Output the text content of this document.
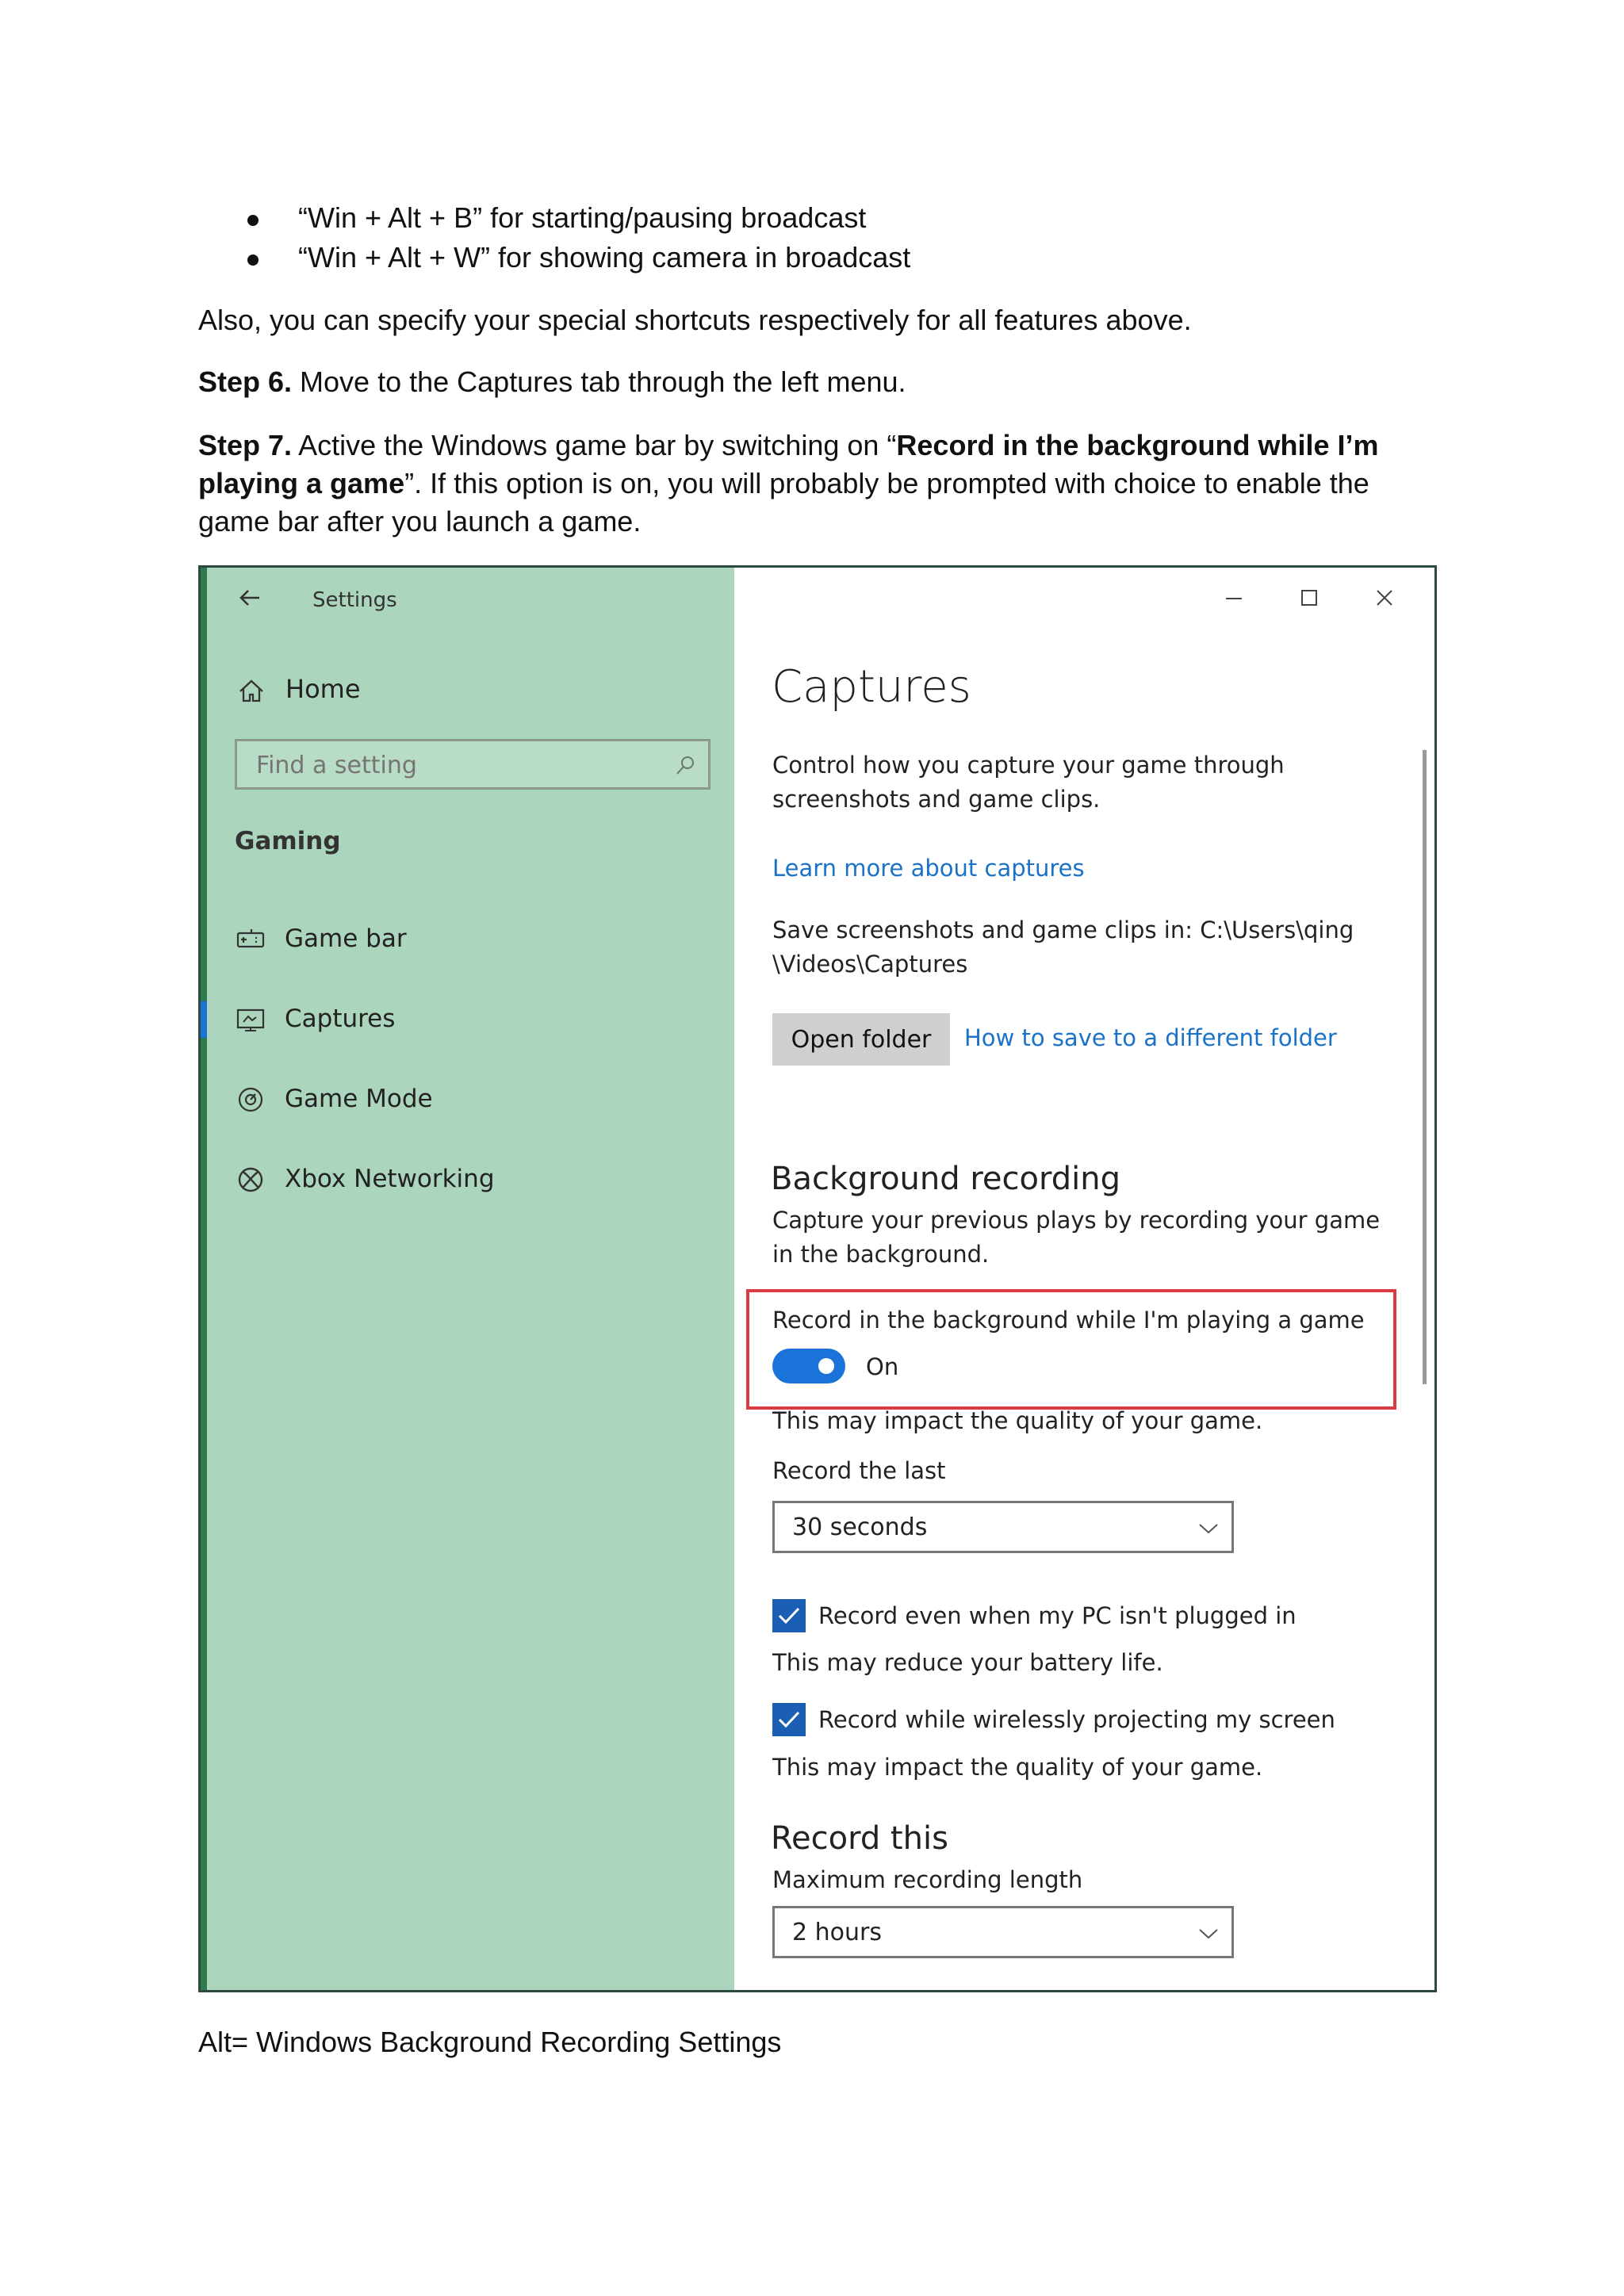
“Win + Alt + B” for starting/pausing broadcast
“Win + Alt + W” for showing camera in broadcast
Also, you can specify your special shortcuts respectively for all features above.
Step 6. Move to the Captures tab through the left menu.
Step 7. Active the Windows game bar by switching on “Record in the background while I’m playing a game”. If this option is on, you will probably be prompted with choice to enable the game bar after you launch a game.
Settings
Home
Find a setting
Gaming
Game bar
Captures
Game Mode
Xbox Networking
Captures
Control how you capture your game through screenshots and game clips.
Learn more about captures
Save screenshots and game clips in: C:\Users\qing \Videos\Captures
Open folder	How to save to a different folder
Background recording
Capture your previous plays by recording your game in the background.
Record in the background while I'm playing a game
On
This may impact the quality of your game.
Record the last
30 seconds
Record even when my PC isn't plugged in
This may reduce your battery life.
Record while wirelessly projecting my screen
This may impact the quality of your game.
Record this
Maximum recording length
2 hours
Alt= Windows Background Recording Settings
